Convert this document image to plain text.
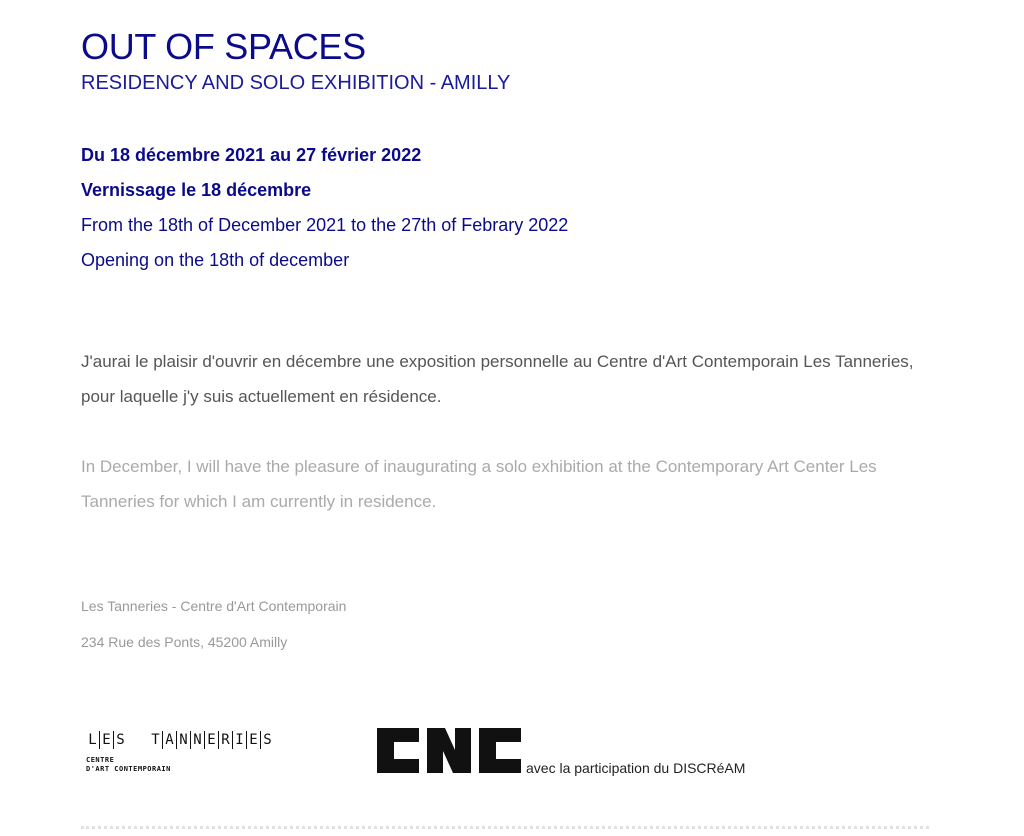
OUT OF SPACES
RESIDENCY AND SOLO EXHIBITION - AMILLY
Du 18 décembre 2021 au 27 février 2022
Vernissage le 18 décembre
From the 18th of December 2021 to the 27th of Febrary 2022
Opening on the 18th of december

J'aurai le plaisir d'ouvrir en décembre une exposition personnelle au Centre d'Art Contemporain Les Tanneries, pour laquelle j'y suis actuellement en résidence.

In December, I will have the pleasure of inaugurating a solo exhibition at the Contemporary Art Center Les Tanneries for which I am currently in residence.

Les Tanneries - Centre d'Art Contemporain
234 Rue des Ponts, 45200 Amilly
L E S T A N N E R I E S
CENTRE
D'ART CONTEMPORAIN	avec la participation du DISCRéAM
